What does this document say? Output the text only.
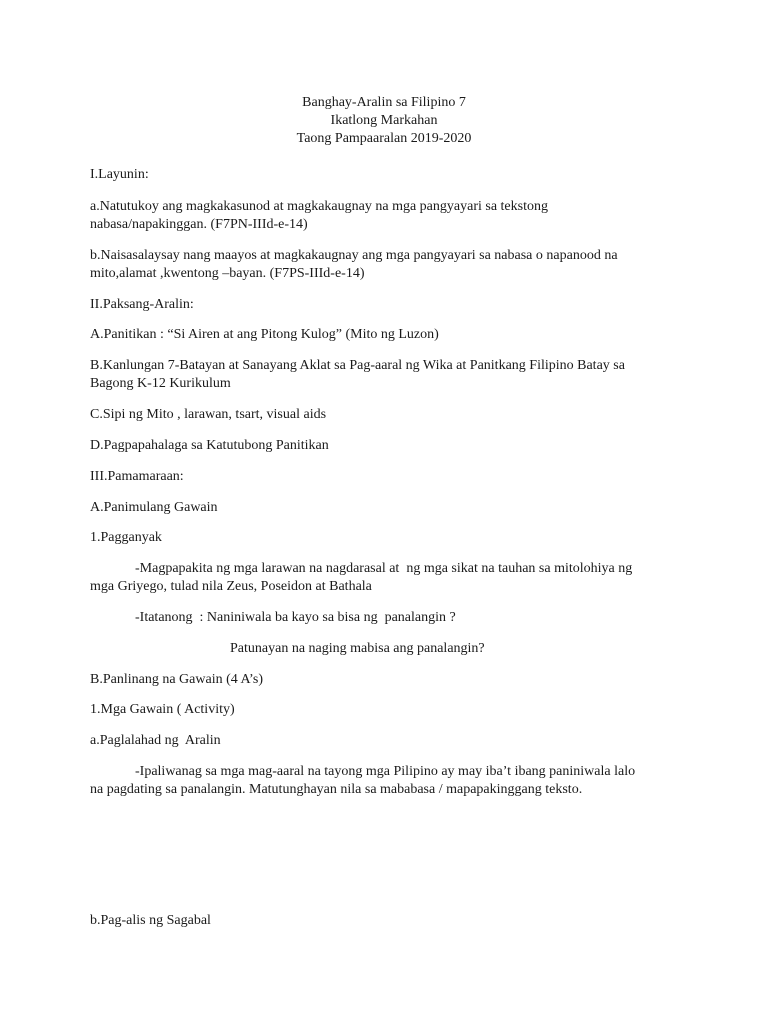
Banghay-Aralin sa Filipino 7
Ikatlong Markahan
Taong Pampaaralan 2019-2020
I.Layunin:
a.Natutukoy ang magkakasunod at magkakaugnay na mga pangyayari sa tekstong
nabasa/napakinggan. (F7PN-IIId-e-14)
b.Naisasalaysay nang maayos at magkakaugnay ang mga pangyayari sa nabasa o napanood na
mito,alamat ,kwentong –bayan. (F7PS-IIId-e-14)
II.Paksang-Aralin:
A.Panitikan : “Si Airen at ang Pitong Kulog” (Mito ng Luzon)
B.Kanlungan 7-Batayan at Sanayang Aklat sa Pag-aaral ng Wika at Panitkang Filipino Batay sa
Bagong K-12 Kurikulum
C.Sipi ng Mito , larawan, tsart, visual aids
D.Pagpapahalaga sa Katutubong Panitikan
III.Pamamaraan:
A.Panimulang Gawain
1.Pagganyak
-Magpapakita ng mga larawan na nagdarasal at  ng mga sikat na tauhan sa mitolohiya ng
mga Griyego, tulad nila Zeus, Poseidon at Bathala
-Itatanong  : Naniniwala ba kayo sa bisa ng  panalangin ?
Patunayan na naging mabisa ang panalangin?
B.Panlinang na Gawain (4 A’s)
1.Mga Gawain ( Activity)
a.Paglalahad ng  Aralin
-Ipaliwanag sa mga mag-aaral na tayong mga Pilipino ay may iba’t ibang paniniwala lalo
na pagdating sa panalangin. Matutunghayan nila sa mababasa / mapapakinggang teksto.
b.Pag-alis ng Sagabal
